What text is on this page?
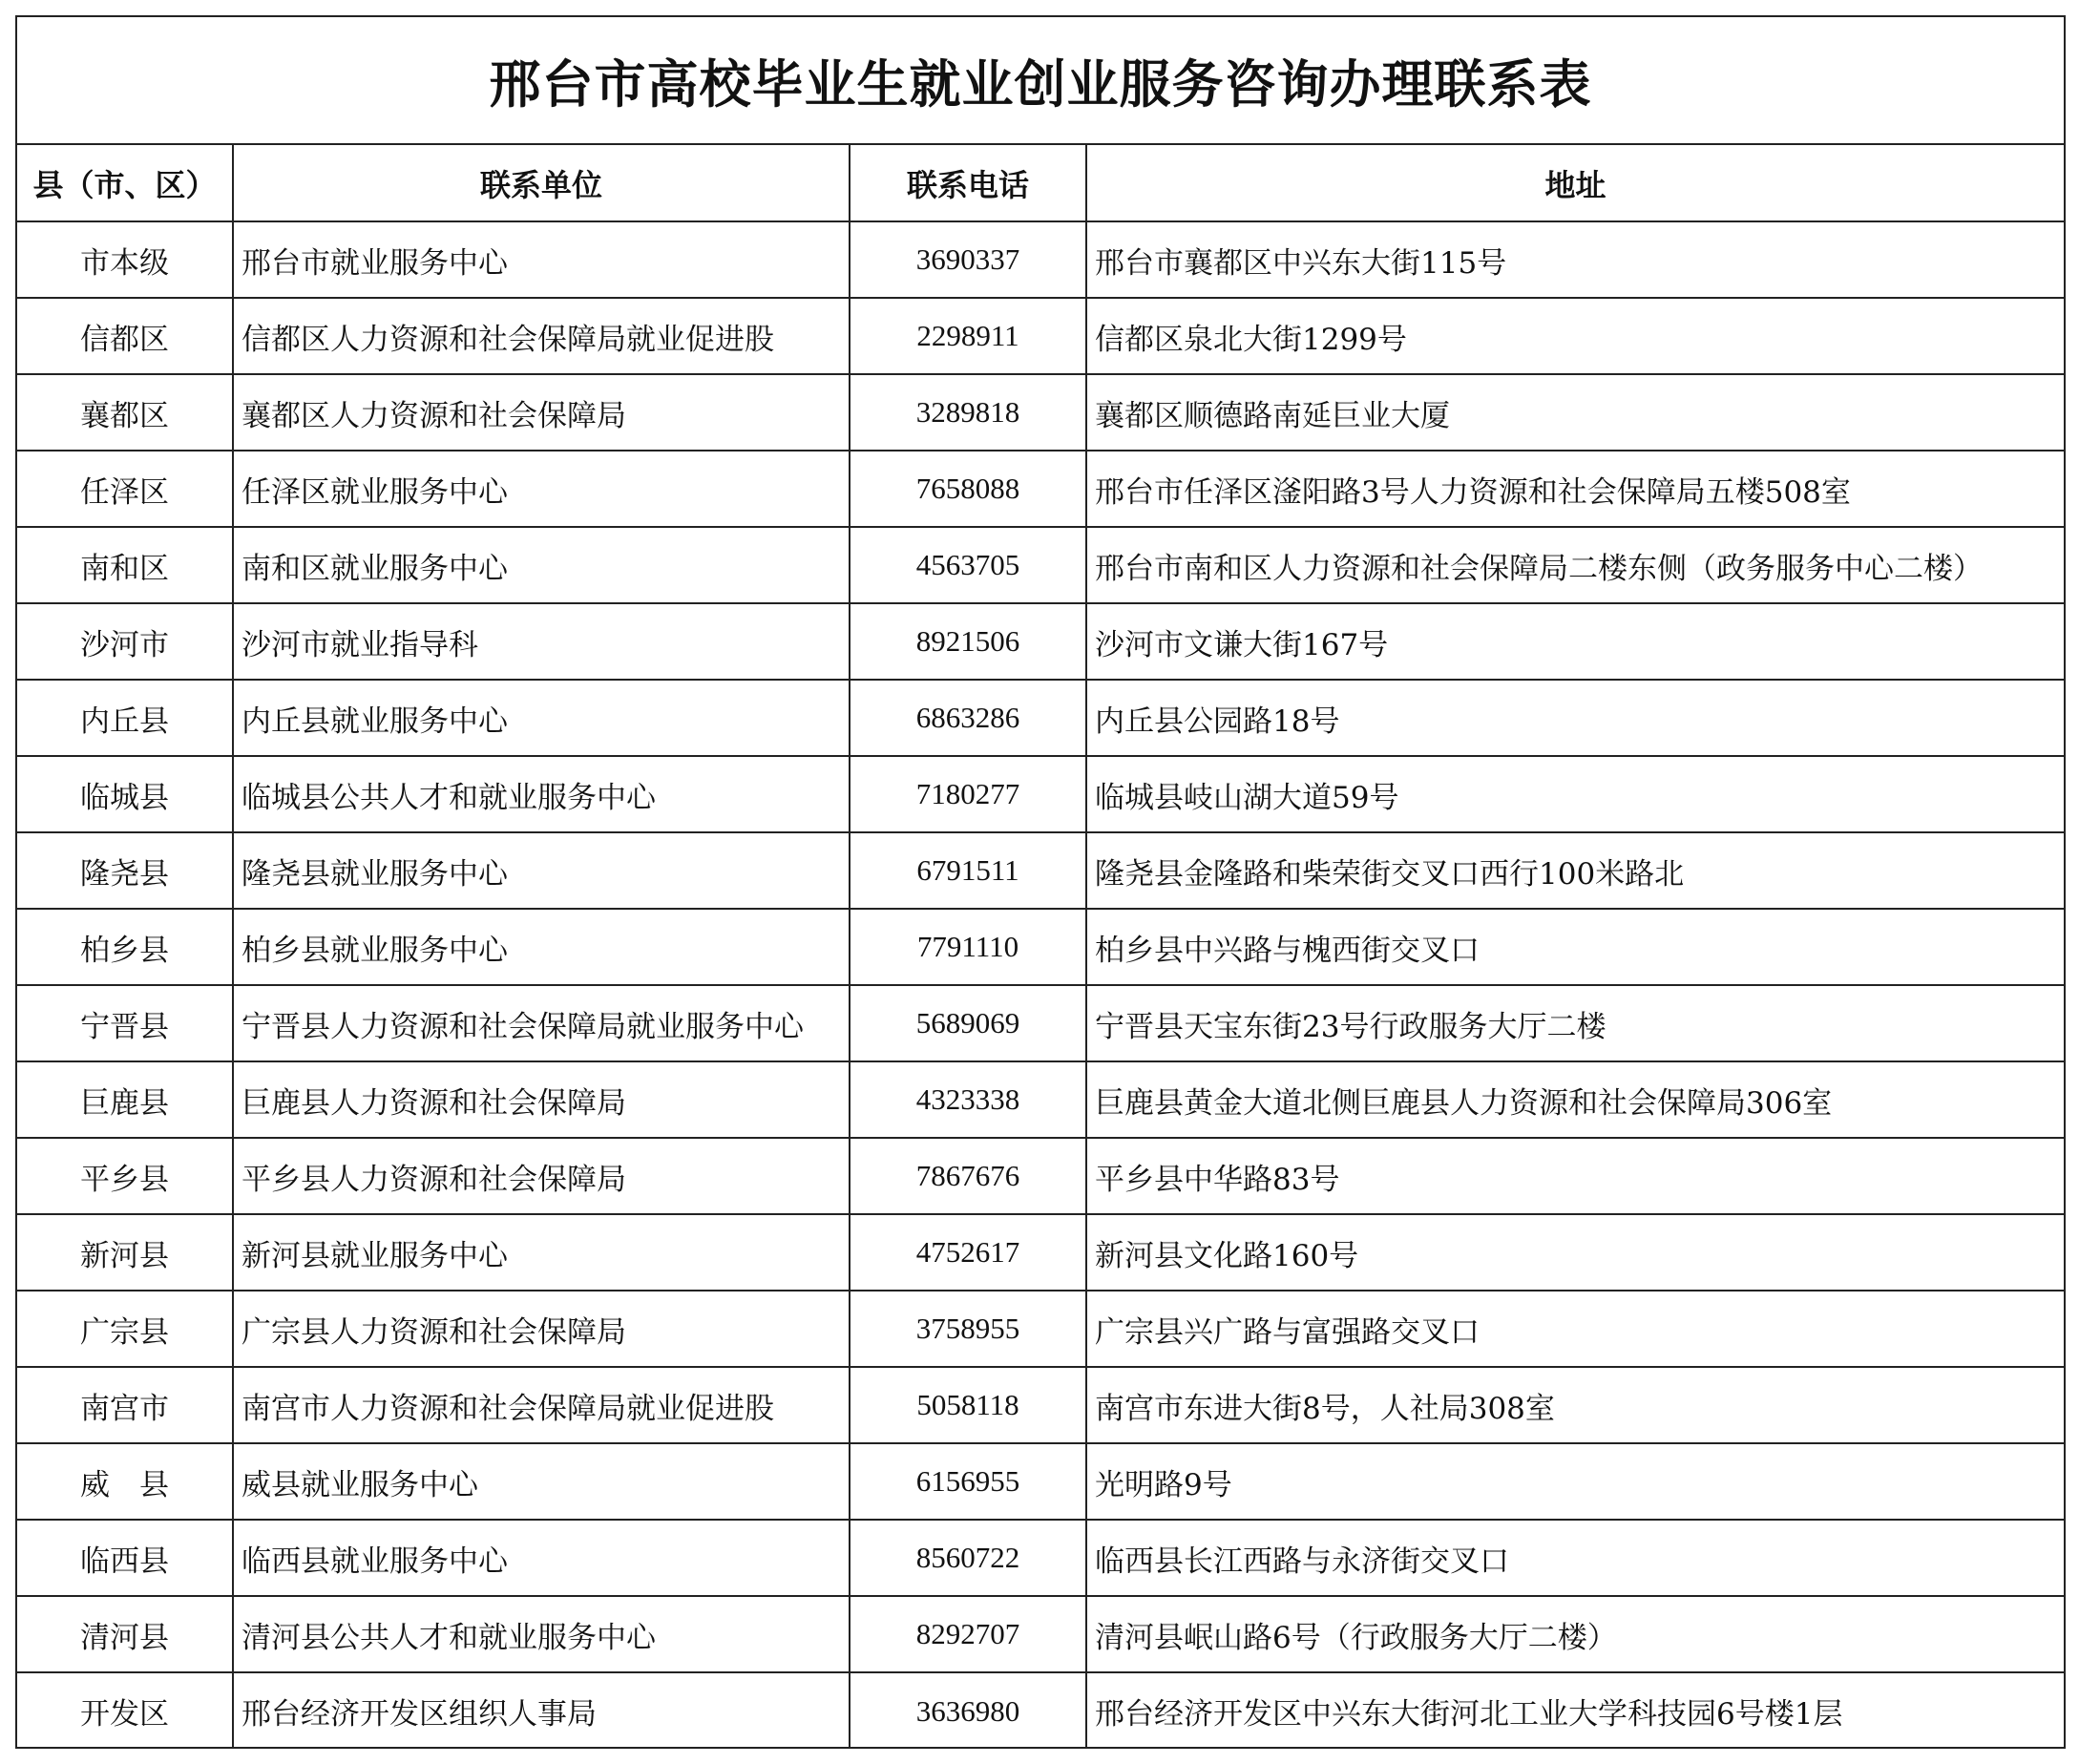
邢台市高校毕业生就业创业服务咨询办理联系表
县（市、区）	联系单位	联系电话	地址
市本级	邢台市就业服务中心	3690337	邢台市襄都区中兴东大街115号
信都区	信都区人力资源和社会保障局就业促进股	2298911	信都区泉北大街1299号
襄都区	襄都区人力资源和社会保障局	3289818	襄都区顺德路南延巨业大厦
任泽区	任泽区就业服务中心	7658088	邢台市任泽区滏阳路3号人力资源和社会保障局五楼508室
南和区	南和区就业服务中心	4563705	邢台市南和区人力资源和社会保障局二楼东侧（政务服务中心二楼）
沙河市	沙河市就业指导科	8921506	沙河市文谦大街167号
内丘县	内丘县就业服务中心	6863286	内丘县公园路18号
临城县	临城县公共人才和就业服务中心	7180277	临城县岐山湖大道59号
隆尧县	隆尧县就业服务中心	6791511	隆尧县金隆路和柴荣街交叉口西行100米路北
柏乡县	柏乡县就业服务中心	7791110	柏乡县中兴路与槐西街交叉口
宁晋县	宁晋县人力资源和社会保障局就业服务中心	5689069	宁晋县天宝东街23号行政服务大厅二楼
巨鹿县	巨鹿县人力资源和社会保障局	4323338	巨鹿县黄金大道北侧巨鹿县人力资源和社会保障局306室
平乡县	平乡县人力资源和社会保障局	7867676	平乡县中华路83号
新河县	新河县就业服务中心	4752617	新河县文化路160号
广宗县	广宗县人力资源和社会保障局	3758955	广宗县兴广路与富强路交叉口
南宫市	南宫市人力资源和社会保障局就业促进股	5058118	南宫市东进大街8号，人社局308室
威　县	威县就业服务中心	6156955	光明路9号
临西县	临西县就业服务中心	8560722	临西县长江西路与永济街交叉口
清河县	清河县公共人才和就业服务中心	8292707	清河县岷山路6号（行政服务大厅二楼）
开发区	邢台经济开发区组织人事局	3636980	邢台经济开发区中兴东大街河北工业大学科技园6号楼1层
